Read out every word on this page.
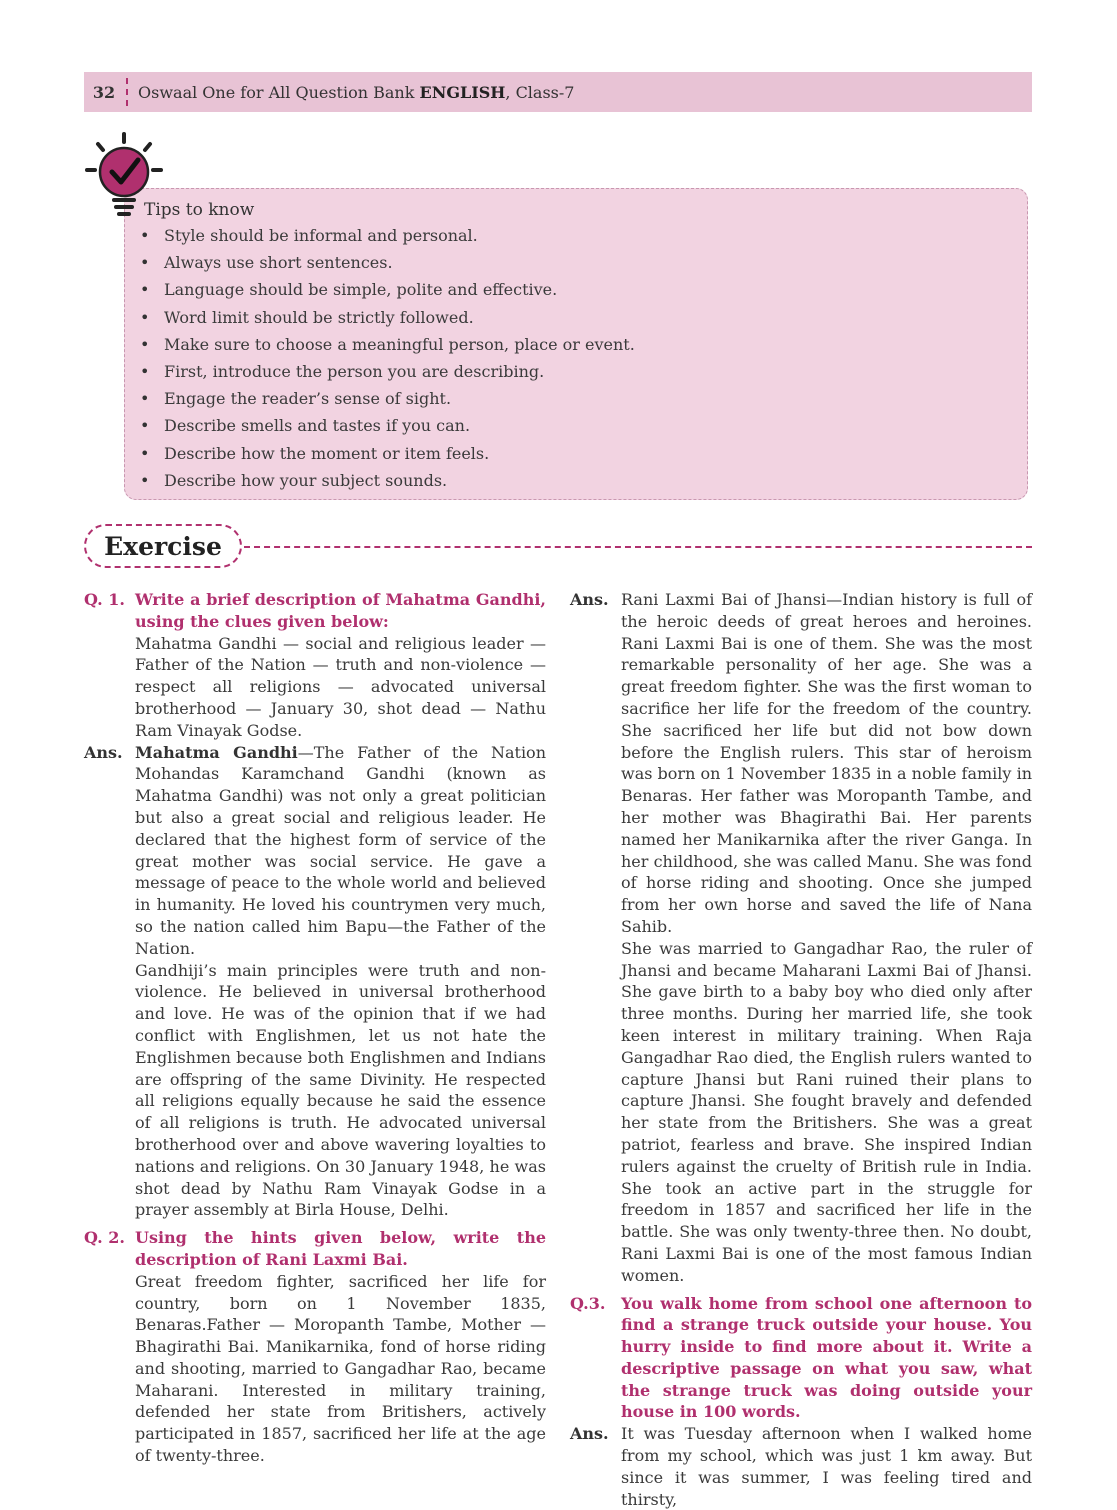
32	Oswaal One for All Question Bank ENGLISH, Class-7
Tips to know
• Style should be informal and personal.
• Always use short sentences.
• Language should be simple, polite and effective.
• Word limit should be strictly followed.
• Make sure to choose a meaningful person, place or event.
• First, introduce the person you are describing.
• Engage the reader’s sense of sight.
• Describe smells and tastes if you can.
• Describe how the moment or item feels.
• Describe how your subject sounds.
Exercise
Q. 1. Write a brief description of Mahatma Gandhi, using the clues given below:
Mahatma Gandhi — social and religious leader — Father of the Nation — truth and non-violence — respect all religions — advocated universal brotherhood — January 30, shot dead — Nathu Ram Vinayak Godse.
Ans. Mahatma Gandhi—The Father of the Nation Mohandas Karamchand Gandhi (known as Mahatma Gandhi) was not only a great politician but also a great social and religious leader. He declared that the highest form of service of the great mother was social service. He gave a message of peace to the whole world and believed in humanity. He loved his countrymen very much, so the nation called him Bapu—the Father of the Nation.
Gandhiji’s main principles were truth and non-violence. He believed in universal brotherhood and love. He was of the opinion that if we had conflict with Englishmen, let us not hate the Englishmen because both Englishmen and Indians are offspring of the same Divinity. He respected all religions equally because he said the essence of all religions is truth. He advocated universal brotherhood over and above wavering loyalties to nations and religions. On 30 January 1948, he was shot dead by Nathu Ram Vinayak Godse in a prayer assembly at Birla House, Delhi.
Q. 2. Using the hints given below, write the description of Rani Laxmi Bai.
Great freedom fighter, sacrificed her life for country, born on 1 November 1835, Benaras.Father — Moropanth Tambe, Mother — Bhagirathi Bai. Manikarnika, fond of horse riding and shooting, married to Gangadhar Rao, became Maharani. Interested in military training, defended her state from Britishers, actively participated in 1857, sacrificed her life at the age of twenty-three.
Ans. Rani Laxmi Bai of Jhansi—Indian history is full of the heroic deeds of great heroes and heroines. Rani Laxmi Bai is one of them. She was the most remarkable personality of her age. She was a great freedom fighter. She was the first woman to sacrifice her life for the freedom of the country. She sacrificed her life but did not bow down before the English rulers. This star of heroism was born on 1 November 1835 in a noble family in Benaras. Her father was Moropanth Tambe, and her mother was Bhagirathi Bai. Her parents named her Manikarnika after the river Ganga. In her childhood, she was called Manu. She was fond of horse riding and shooting. Once she jumped from her own horse and saved the life of Nana Sahib.
She was married to Gangadhar Rao, the ruler of Jhansi and became Maharani Laxmi Bai of Jhansi. She gave birth to a baby boy who died only after three months. During her married life, she took keen interest in military training. When Raja Gangadhar Rao died, the English rulers wanted to capture Jhansi but Rani ruined their plans to capture Jhansi. She fought bravely and defended her state from the Britishers. She was a great patriot, fearless and brave. She inspired Indian rulers against the cruelty of British rule in India. She took an active part in the struggle for freedom in 1857 and sacrificed her life in the battle. She was only twenty-three then. No doubt, Rani Laxmi Bai is one of the most famous Indian women.
Q.3. You walk home from school one afternoon to find a strange truck outside your house. You hurry inside to find more about it. Write a descriptive passage on what you saw, what the strange truck was doing outside your house in 100 words.
Ans. It was Tuesday afternoon when I walked home from my school, which was just 1 km away. But since it was summer, I was feeling tired and thirsty,
